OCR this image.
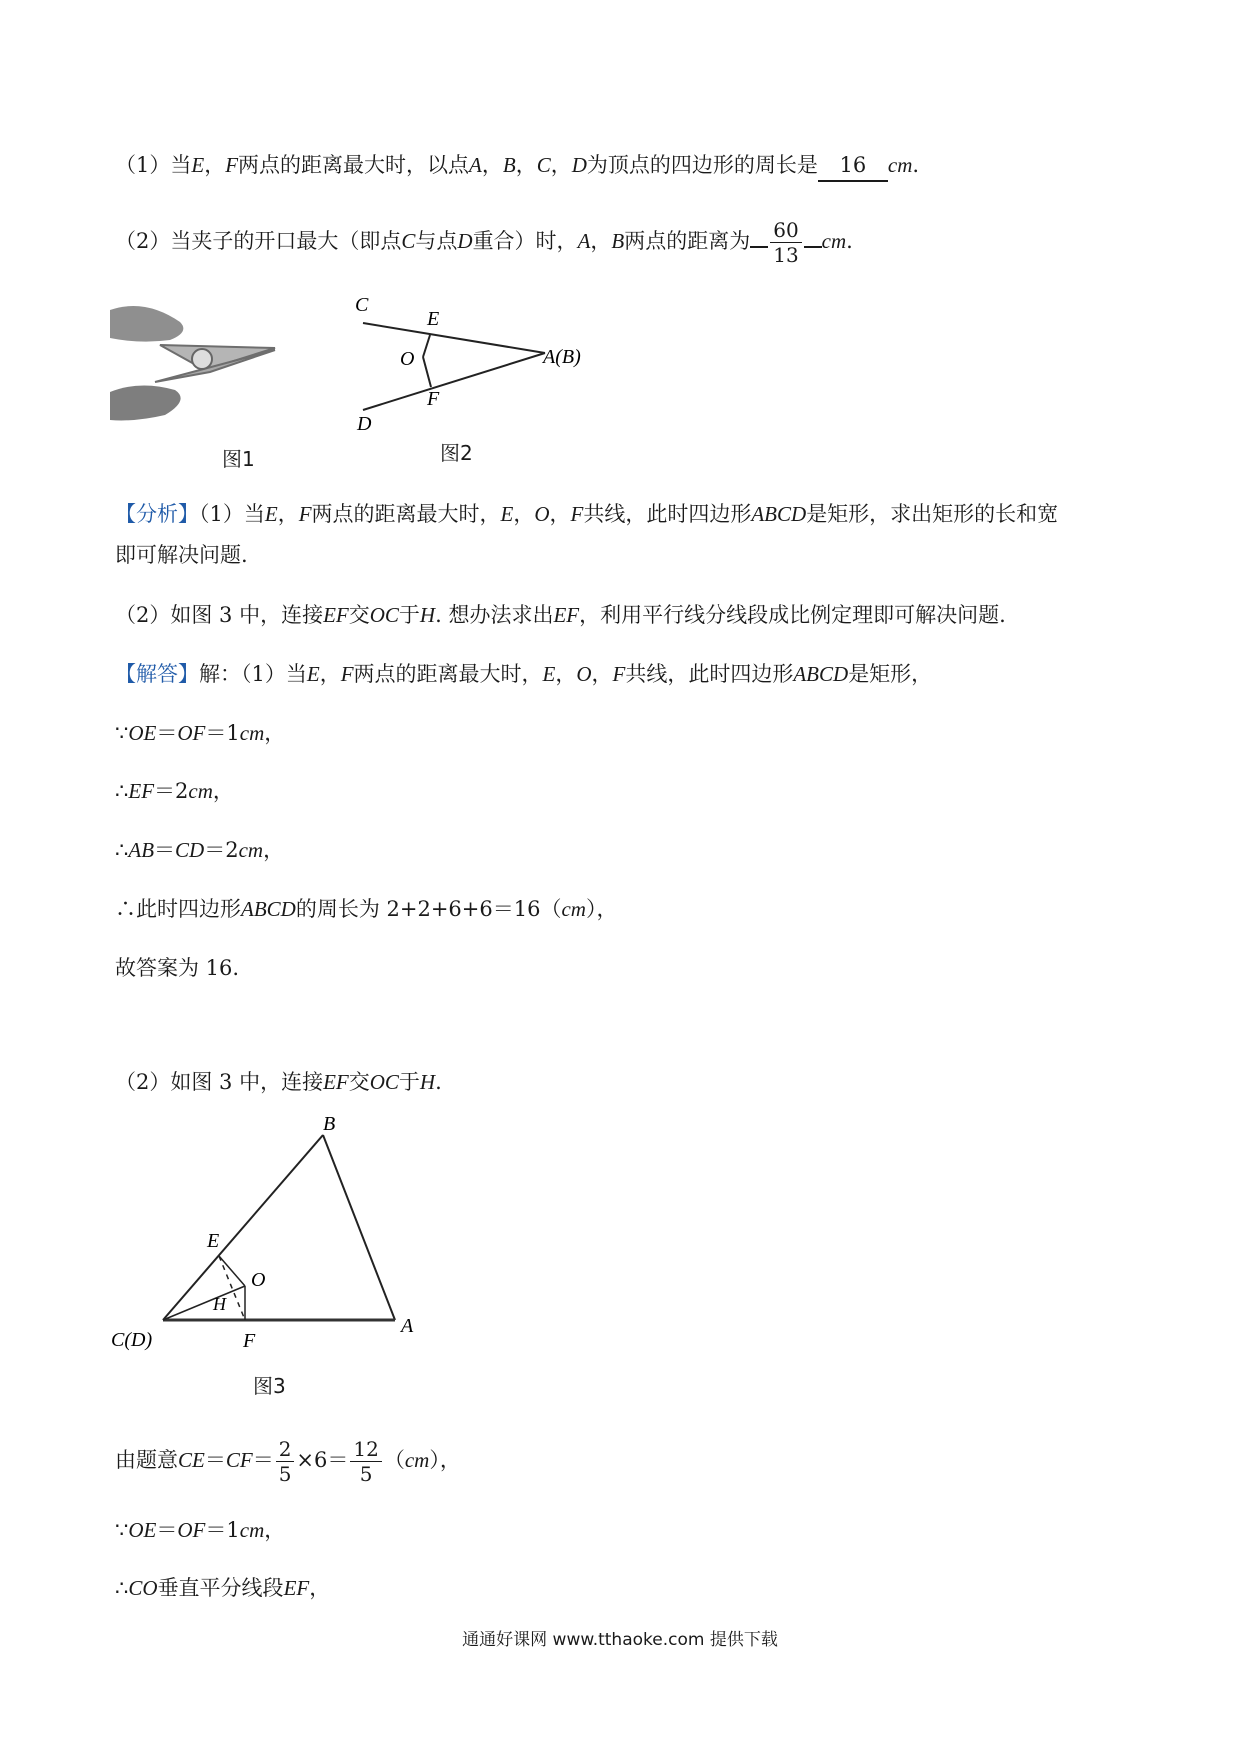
（1）当E，F两点的距离最大时，以点A，B，C，D为顶点的四边形的周长是 16 cm.
（2）当夹子的开口最大（即点C与点D重合）时，A，B两点的距离为 $\frac{60}{13}$ cm.
图1
C
E
O	A(B)
F
D
图2
【分析】（1）当E，F两点的距离最大时，E，O，F共线，此时四边形ABCD是矩形，求出矩形的长和宽
即可解决问题.
（2）如图 3 中，连接EF交OC于H. 想办法求出EF，利用平行线分线段成比例定理即可解决问题.
【解答】解：（1）当E，F两点的距离最大时，E，O，F共线，此时四边形ABCD是矩形，
∵OE＝OF＝1cm，
∴EF＝2cm，
∴AB＝CD＝2cm，
∴此时四边形ABCD的周长为 2+2+6+6＝16（cm），
故答案为 16.
（2）如图 3 中，连接EF交OC于H.
E
B
O
H
C(D)	F
A
图3
由题意$CE=CF= \frac{2}{5} \times 6= \frac{12}{5} (cm)$，
∵OE＝OF＝1cm，
∴CO垂直平分线段EF，
通通好课网 www.tthaoke.com 提供下载
